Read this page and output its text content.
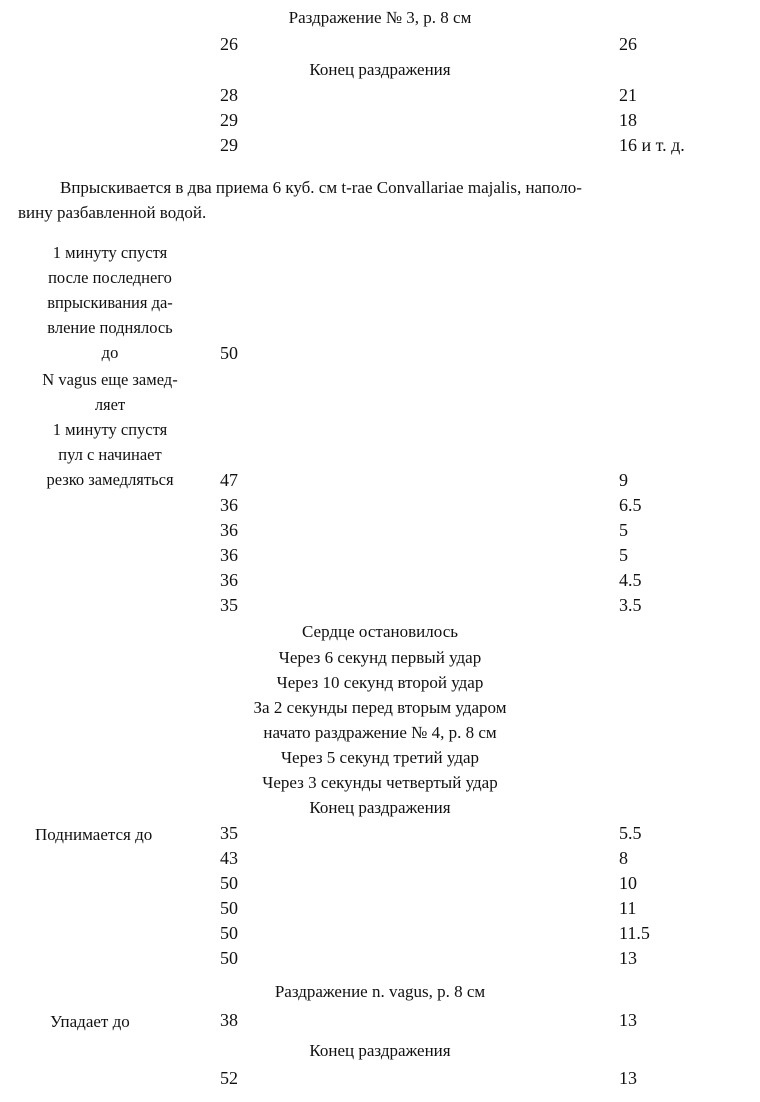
Раздражение № 3, р. 8 см
26	26
Конец раздражения
28	21
29	18
29	16 и т. д.
Впрыскивается в два приема 6 куб. см t-rae Convallariae majalis, наполо-
вину разбавленной водой.
1 минуту спустя
после последнего
впрыскивания да-
вление поднялось
до	50
N vagus еще замед-
ляет
1 минуту спустя
пул с начинает
резко замедляться	47	9
36	6.5
36	5
36	5
36	4.5
35	3.5
Сердце остановилось
Через 6 секунд первый удар
Через 10 секунд второй удар
За 2 секунды перед вторым ударом
начато раздражение № 4, р. 8 см
Через 5 секунд третий удар
Через 3 секунды четвертый удар
Конец раздражения
Поднимается до	35	5.5
43	8
50	10
50	11
50	11.5
50	13
Раздражение n. vagus, р. 8 см
Упадает до	38	13
Конец раздражения
52	13
